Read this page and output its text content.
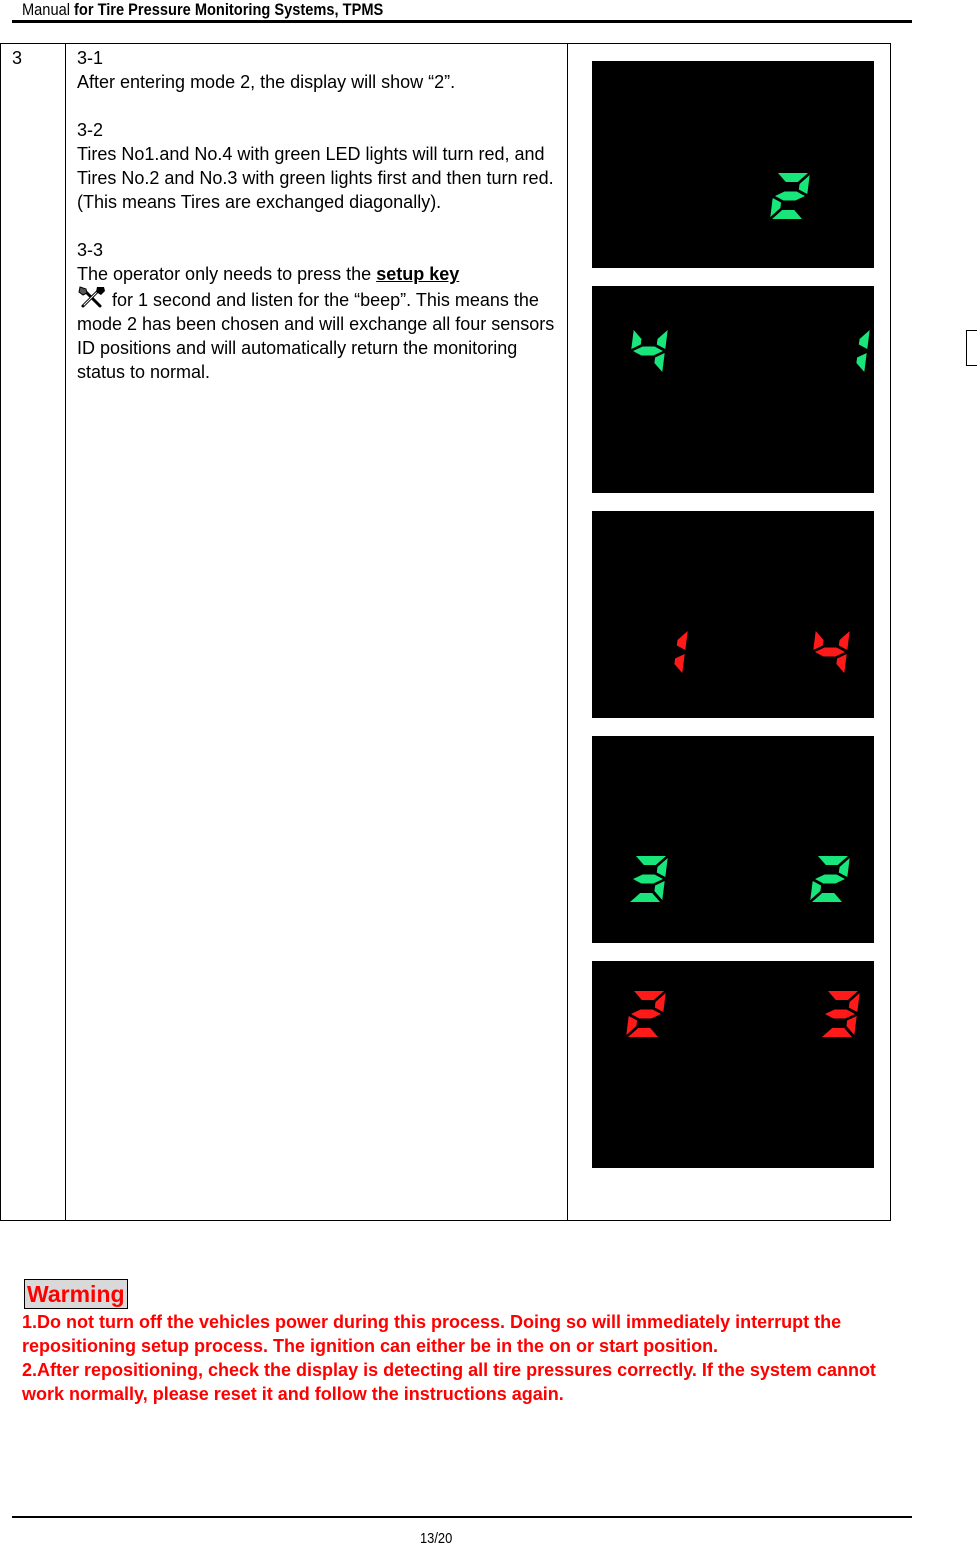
Manual for Tire Pressure Monitoring Systems, TPMS
3	3-1
After entering mode 2, the display will show “2”.

3-2
Tires No1.and No.4 with green LED lights will turn red, and Tires No.2 and No.3 with green lights first and then turn red. (This means Tires are exchanged diagonally).

3-3
The operator only needs to press the setup key
for 1 second and listen for the “beep”. This means the mode 2 has been chosen and will exchange all four sensors ID positions and will automatically return the monitoring status to normal.

Warming

1.Do not turn off the vehicles power during this process. Doing so will immediately interrupt the repositioning setup process. The ignition can either be in the on or start position.

2.After repositioning, check the display is detecting all tire pressures correctly. If the system cannot work normally, please reset it and follow the instructions again.

13/20
